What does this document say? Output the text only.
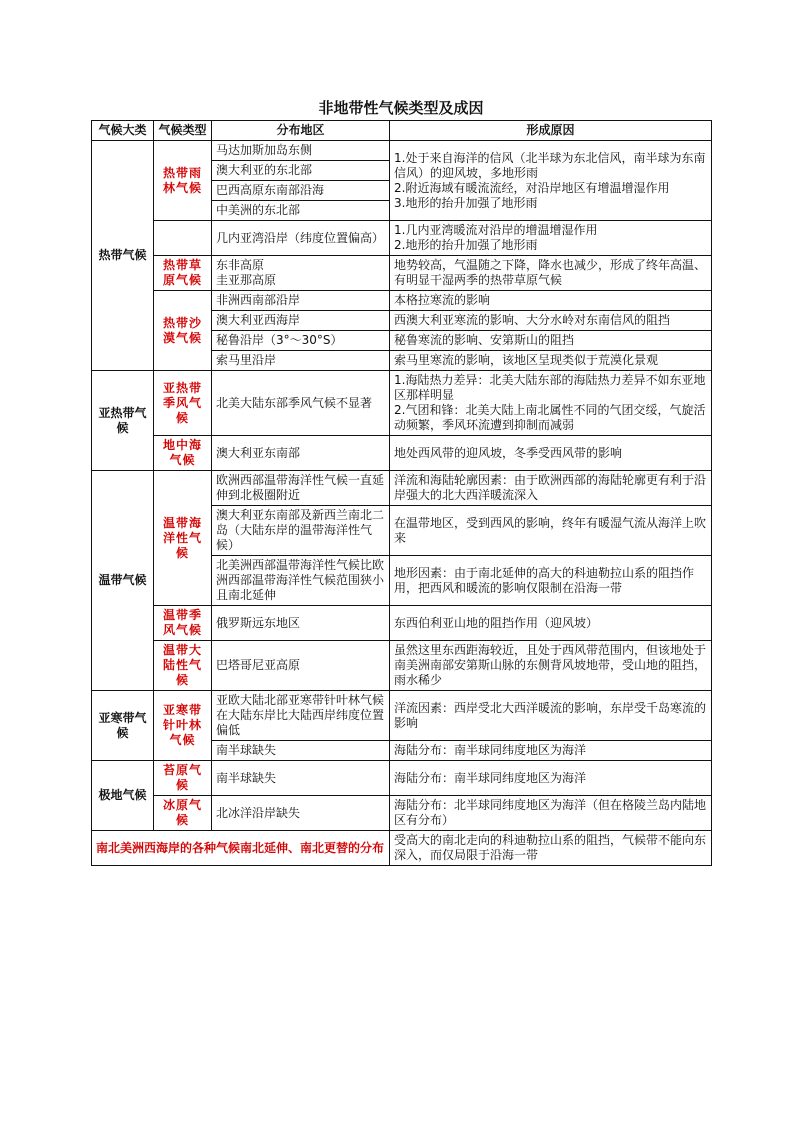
非地带性气候类型及成因
气候大类	气候类型	分布地区	形成原因
热带气候	热带雨林气候	马达加斯加岛东侧	1.处于来自海洋的信风（北半球为东北信风，南半球为东南信风）的迎风坡，多地形雨
2.附近海域有暖流流经，对沿岸地区有增温增湿作用
3.地形的抬升加强了地形雨
		澳大利亚的东北部	
		巴西高原东南部沿海	
		中美洲的东北部	
		几内亚湾沿岸（纬度位置偏高）	1.几内亚湾暖流对沿岸的增温增湿作用
2.地形的抬升加强了地形雨
	热带草原气候	东非高原
圭亚那高原	地势较高，气温随之下降，降水也减少，形成了终年高温、有明显干湿两季的热带草原气候
	热带沙漠气候	非洲西南部沿岸	本格拉寒流的影响
		澳大利亚西海岸	西澳大利亚寒流的影响、大分水岭对东南信风的阻挡
		秘鲁沿岸（3°～30°S）	秘鲁寒流的影响、安第斯山的阻挡
		索马里沿岸	索马里寒流的影响，该地区呈现类似于荒漠化景观
亚热带气候	亚热带季风气候	北美大陆东部季风气候不显著	1.海陆热力差异：北美大陆东部的海陆热力差异不如东亚地区那样明显
2.气团和锋：北美大陆上南北属性不同的气团交绥，气旋活动频繁，季风环流遭到抑制而减弱
	地中海气候	澳大利亚东南部	地处西风带的迎风坡，冬季受西风带的影响
温带气候	温带海洋性气候	欧洲西部温带海洋性气候一直延伸到北极圈附近	洋流和海陆轮廓因素：由于欧洲西部的海陆轮廓更有利于沿岸强大的北大西洋暖流深入
		澳大利亚东南部及新西兰南北二岛（大陆东岸的温带海洋性气候）	在温带地区，受到西风的影响，终年有暖湿气流从海洋上吹来
		北美洲西部温带海洋性气候比欧洲西部温带海洋性气候范围狭小且南北延伸	地形因素：由于南北延伸的高大的科迪勒拉山系的阻挡作用，把西风和暖流的影响仅限制在沿海一带
	温带季风气候	俄罗斯远东地区	东西伯利亚山地的阻挡作用（迎风坡）
	温带大陆性气候	巴塔哥尼亚高原	虽然这里东西距海较近，且处于西风带范围内，但该地处于南美洲南部安第斯山脉的东侧背风坡地带，受山地的阻挡，雨水稀少
亚寒带气候	亚寒带针叶林气候	亚欧大陆北部亚寒带针叶林气候在大陆东岸比大陆西岸纬度位置偏低	洋流因素：西岸受北大西洋暖流的影响，东岸受千岛寒流的影响
		南半球缺失	海陆分布：南半球同纬度地区为海洋
极地气候	苔原气候	南半球缺失	海陆分布：南半球同纬度地区为海洋
	冰原气候	北冰洋沿岸缺失	海陆分布：北半球同纬度地区为海洋（但在格陵兰岛内陆地区有分布）
南北美洲西海岸的各种气候南北延伸、南北更替的分布			受高大的南北走向的科迪勒拉山系的阻挡，气候带不能向东深入，而仅局限于沿海一带
